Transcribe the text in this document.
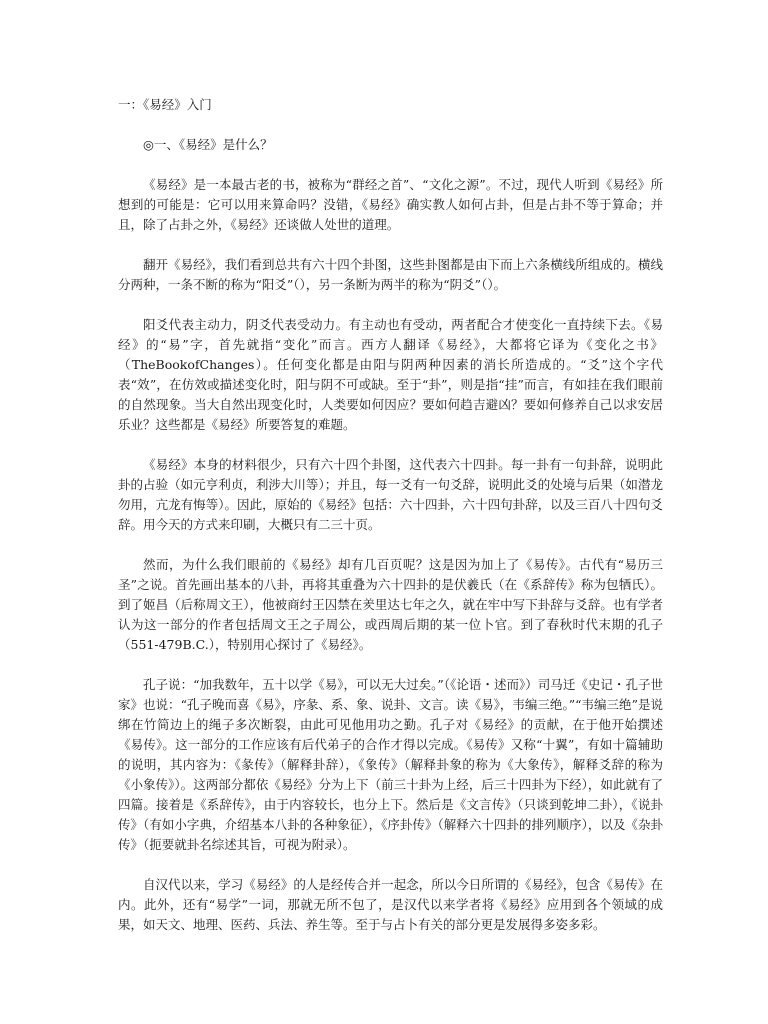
一：《易经》入门

◎一、《易经》是什么？

《易经》是一本最古老的书，被称为“群经之首”、“文化之源”。不过，现代人听到《易经》所想到的可能是：它可以用来算命吗？没错，《易经》确实教人如何占卦，但是占卦不等于算命；并且，除了占卦之外，《易经》还谈做人处世的道理。

翻开《易经》，我们看到总共有六十四个卦图，这些卦图都是由下而上六条横线所组成的。横线分两种，一条不断的称为“阳爻”（），另一条断为两半的称为“阴爻”（）。

阳爻代表主动力，阴爻代表受动力。有主动也有受动，两者配合才使变化一直持续下去。《易经》的“易”字，首先就指“变化”而言。西方人翻译《易经》，大都将它译为《变化之书》（TheBookofChanges）。任何变化都是由阳与阴两种因素的消长所造成的。“爻”这个字代表“效”，在仿效或描述变化时，阳与阴不可或缺。至于“卦”，则是指“挂”而言，有如挂在我们眼前的自然现象。当大自然出现变化时，人类要如何因应？要如何趋吉避凶？要如何修养自己以求安居乐业？这些都是《易经》所要答复的难题。

《易经》本身的材料很少，只有六十四个卦图，这代表六十四卦。每一卦有一句卦辞，说明此卦的占验（如元亨利贞，利涉大川等）；并且，每一爻有一句爻辞，说明此爻的处境与后果（如潜龙勿用，亢龙有悔等）。因此，原始的《易经》包括：六十四卦，六十四句卦辞，以及三百八十四句爻辞。用今天的方式来印刷，大概只有二三十页。

然而，为什么我们眼前的《易经》却有几百页呢？这是因为加上了《易传》。古代有“易历三圣”之说。首先画出基本的八卦，再将其重叠为六十四卦的是伏羲氏（在《系辞传》称为包牺氏）。到了姬昌（后称周文王），他被商纣王囚禁在羑里达七年之久，就在牢中写下卦辞与爻辞。也有学者认为这一部分的作者包括周文王之子周公，或西周后期的某一位卜官。到了春秋时代末期的孔子（551-479B.C.），特别用心探讨了《易经》。

孔子说：“加我数年，五十以学《易》，可以无大过矣。”（《论语・述而》）司马迁《史记・孔子世家》也说：“孔子晚而喜《易》，序彖、系、象、说卦、文言。读《易》，韦编三绝。”“韦编三绝”是说绑在竹简边上的绳子多次断裂，由此可见他用功之勤。孔子对《易经》的贡献，在于他开始撰述《易传》。这一部分的工作应该有后代弟子的合作才得以完成。《易传》又称“十翼”，有如十篇辅助的说明，其内容为：《彖传》（解释卦辞），《象传》（解释卦象的称为《大象传》，解释爻辞的称为《小象传》）。这两部分都依《易经》分为上下（前三十卦为上经，后三十四卦为下经），如此就有了四篇。接着是《系辞传》，由于内容较长，也分上下。然后是《文言传》（只谈到乾坤二卦），《说卦传》（有如小字典，介绍基本八卦的各种象征），《序卦传》（解释六十四卦的排列顺序），以及《杂卦传》（扼要就卦名综述其旨，可视为附录）。

自汉代以来，学习《易经》的人是经传合并一起念，所以今日所谓的《易经》，包含《易传》在内。此外，还有“易学”一词，那就无所不包了，是汉代以来学者将《易经》应用到各个领域的成果，如天文、地理、医药、兵法、养生等。至于与占卜有关的部分更是发展得多姿多彩。
